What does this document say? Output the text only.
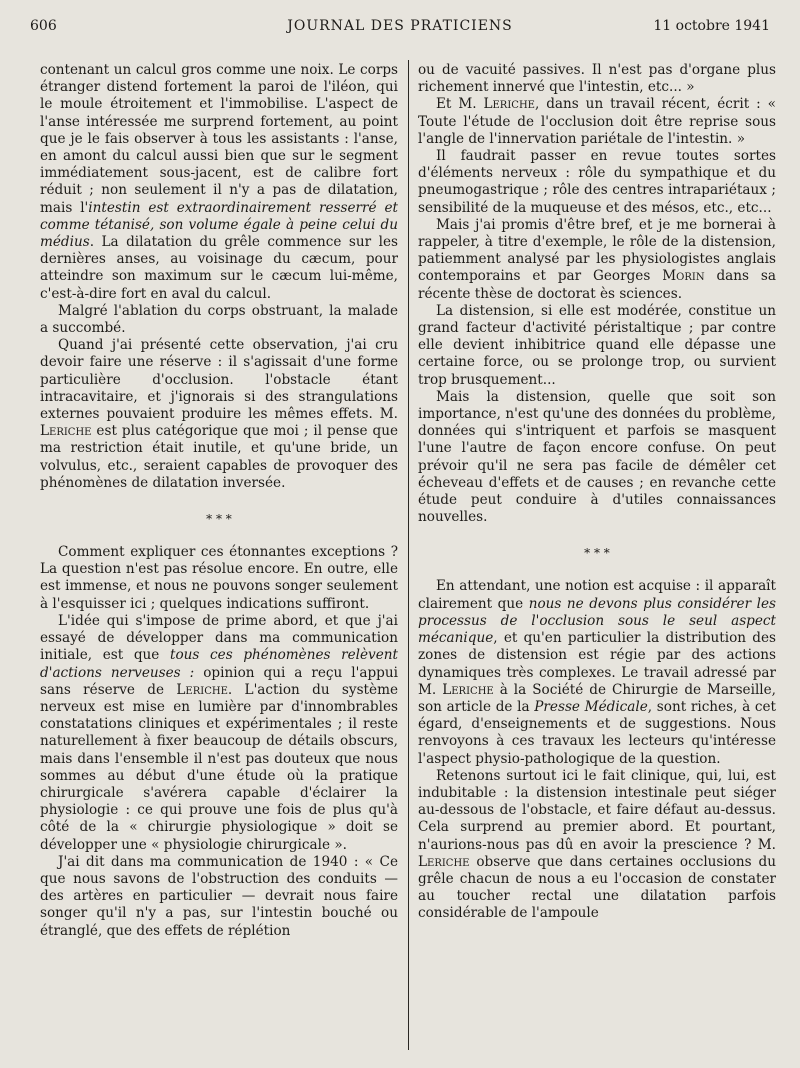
606	JOURNAL DES PRATICIENS	11 octobre 1941

contenant un calcul gros comme une noix. Le corps étranger distend fortement la paroi de l'iléon, qui le moule étroitement et l'immobilise. L'aspect de l'anse intéressée me surprend fortement, au point que je le fais observer à tous les assistants : l'anse, en amont du calcul aussi bien que sur le segment immédiatement sous-jacent, est de calibre fort réduit ; non seulement il n'y a pas de dilatation, mais l'intestin est extraordinairement resserré et comme tétanisé, son volume égale à peine celui du médius. La dilatation du grêle commence sur les dernières anses, au voisinage du cæcum, pour atteindre son maximum sur le cæcum lui-même, c'est-à-dire fort en aval du calcul.

Malgré l'ablation du corps obstruant, la malade a succombé.

Quand j'ai présenté cette observation, j'ai cru devoir faire une réserve : il s'agissait d'une forme particulière d'occlusion. l'obstacle étant intracavitaire, et j'ignorais si des strangulations externes pouvaient produire les mêmes effets. M. Leriche est plus catégorique que moi ; il pense que ma restriction était inutile, et qu'une bride, un volvulus, etc., seraient capables de provoquer des phénomènes de dilatation inversée.

* * *

Comment expliquer ces étonnantes exceptions ? La question n'est pas résolue encore. En outre, elle est immense, et nous ne pouvons songer seulement à l'esquisser ici ; quelques indications suffiront.

L'idée qui s'impose de prime abord, et que j'ai essayé de développer dans ma communication initiale, est que tous ces phénomènes relèvent d'actions nerveuses : opinion qui a reçu l'appui sans réserve de Leriche. L'action du système nerveux est mise en lumière par d'innombrables constatations cliniques et expérimentales ; il reste naturellement à fixer beaucoup de détails obscurs, mais dans l'ensemble il n'est pas douteux que nous sommes au début d'une étude où la pratique chirurgicale s'avérera capable d'éclairer la physiologie : ce qui prouve une fois de plus qu'à côté de la « chirurgie physiologique » doit se développer une « physiologie chirurgicale ».

J'ai dit dans ma communication de 1940 : « Ce que nous savons de l'obstruction des conduits — des artères en particulier — devrait nous faire songer qu'il n'y a pas, sur l'intestin bouché ou étranglé, que des effets de réplétion

ou de vacuité passives. Il n'est pas d'organe plus richement innervé que l'intestin, etc... »

Et M. Leriche, dans un travail récent, écrit : « Toute l'étude de l'occlusion doit être reprise sous l'angle de l'innervation pariétale de l'intestin. »

Il faudrait passer en revue toutes sortes d'éléments nerveux : rôle du sympathique et du pneumogastrique ; rôle des centres intrapariétaux ; sensibilité de la muqueuse et des mésos, etc., etc...

Mais j'ai promis d'être bref, et je me bornerai à rappeler, à titre d'exemple, le rôle de la distension, patiemment analysé par les physiologistes anglais contemporains et par Georges Morin dans sa récente thèse de doctorat ès sciences.

La distension, si elle est modérée, constitue un grand facteur d'activité péristaltique ; par contre elle devient inhibitrice quand elle dépasse une certaine force, ou se prolonge trop, ou survient trop brusquement...

Mais la distension, quelle que soit son importance, n'est qu'une des données du problème, données qui s'intriquent et parfois se masquent l'une l'autre de façon encore confuse. On peut prévoir qu'il ne sera pas facile de démêler cet écheveau d'effets et de causes ; en revanche cette étude peut conduire à d'utiles connaissances nouvelles.

* * *

En attendant, une notion est acquise : il apparaît clairement que nous ne devons plus considérer les processus de l'occlusion sous le seul aspect mécanique, et qu'en particulier la distribution des zones de distension est régie par des actions dynamiques très complexes. Le travail adressé par M. Leriche à la Société de Chirurgie de Marseille, son article de la Presse Médicale, sont riches, à cet égard, d'enseignements et de suggestions. Nous renvoyons à ces travaux les lecteurs qu'intéresse l'aspect physio-pathologique de la question.

Retenons surtout ici le fait clinique, qui, lui, est indubitable : la distension intestinale peut siéger au-dessous de l'obstacle, et faire défaut au-dessus. Cela surprend au premier abord. Et pourtant, n'aurions-nous pas dû en avoir la prescience ? M. Leriche observe que dans certaines occlusions du grêle chacun de nous a eu l'occasion de constater au toucher rectal une dilatation parfois considérable de l'ampoule
